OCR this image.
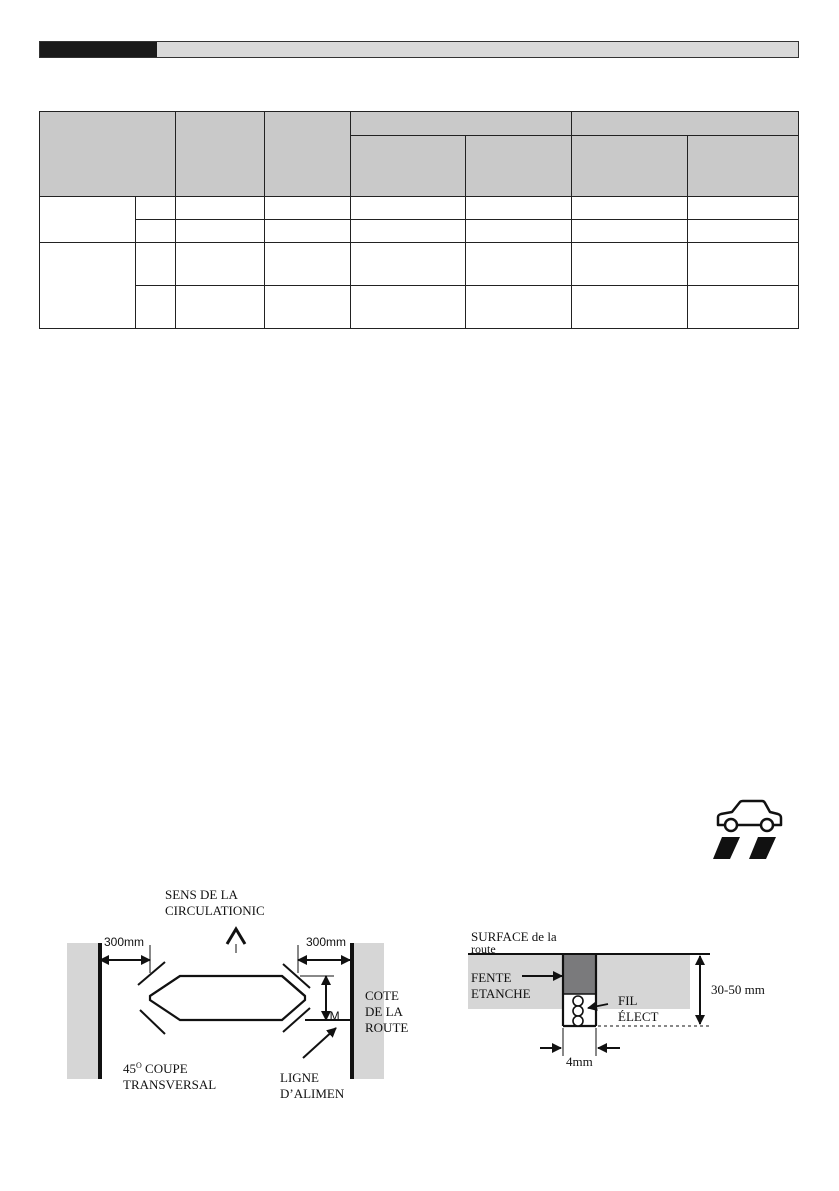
300mm	300mm
1M
SENS DE LA
CIRCULATIONIC
COTE
DE LA
ROUTE
$45^O$ COUPE
TRANSVERSAL	LIGNE
D’ALIMEN
30-50 mm
4mm
SURFACE de la
route
FENTE
ETANCHE	FIL
ÉLECT
